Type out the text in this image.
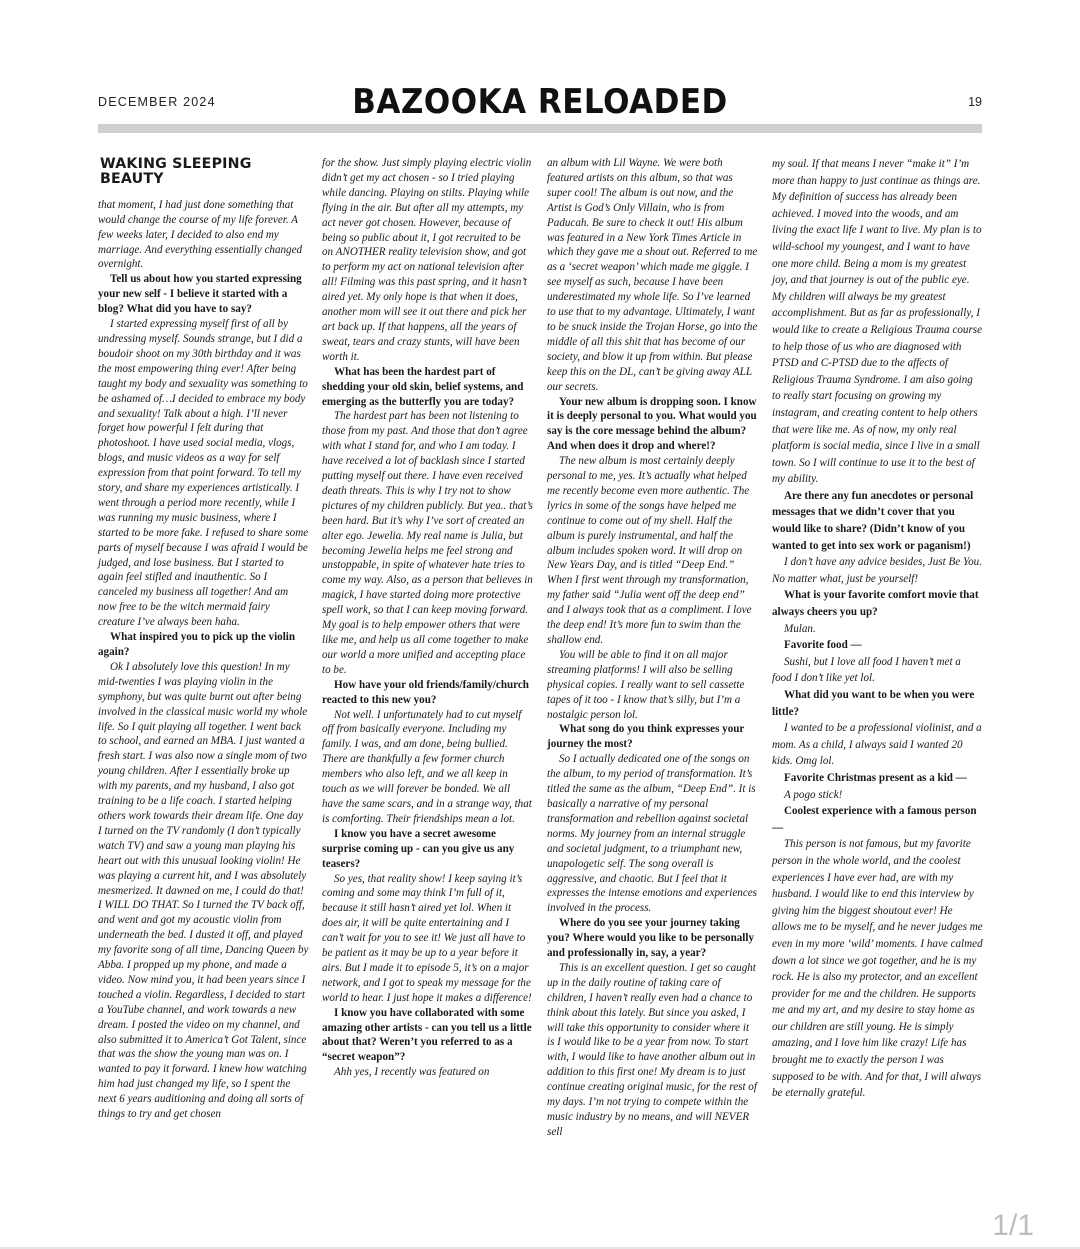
DECEMBER 2024	BAZOOKA RELOADED	19

WAKING SLEEPING BEAUTY

that moment, I had just done something that would change the course of my life forever. A few weeks later, I decided to also end my marriage. And everything essentially changed overnight.

Tell us about how you started expressing your new self - I believe it started with a blog? What did you have to say?

I started expressing myself first of all by undressing myself. Sounds strange, but I did a boudoir shoot on my 30th birthday and it was the most empowering thing ever! After being taught my body and sexuality was something to be ashamed of…I decided to embrace my body and sexuality! Talk about a high. I’ll never forget how powerful I felt during that photoshoot. I have used social media, vlogs, blogs, and music videos as a way for self expression from that point forward. To tell my story, and share my experiences artistically. I went through a period more recently, while I was running my music business, where I started to be more fake. I refused to share some parts of myself because I was afraid I would be judged, and lose business. But I started to again feel stifled and inauthentic. So I canceled my business all together! And am now free to be the witch mermaid fairy creature I’ve always been haha.

What inspired you to pick up the violin again?

Ok I absolutely love this question! In my mid-twenties I was playing violin in the symphony, but was quite burnt out after being involved in the classical music world my whole life. So I quit playing all together. I went back to school, and earned an MBA. I just wanted a fresh start. I was also now a single mom of two young children. After I essentially broke up with my parents, and my husband, I also got training to be a life coach. I started helping others work towards their dream life. One day I turned on the TV randomly (I don’t typically watch TV) and saw a young man playing his heart out with this unusual looking violin! He was playing a current hit, and I was absolutely mesmerized. It dawned on me, I could do that! I WILL DO THAT. So I turned the TV back off, and went and got my acoustic violin from underneath the bed. I dusted it off, and played my favorite song of all time, Dancing Queen by Abba. I propped up my phone, and made a video. Now mind you, it had been years since I touched a violin. Regardless, I decided to start a YouTube channel, and work towards a new dream. I posted the video on my channel, and also submitted it to America’t Got Talent, since that was the show the young man was on. I wanted to pay it forward. I knew how watching him had just changed my life, so I spent the next 6 years auditioning and doing all sorts of things to try and get chosen

for the show. Just simply playing electric violin didn’t get my act chosen - so I tried playing while dancing. Playing on stilts. Playing while flying in the air. But after all my attempts, my act never got chosen. However, because of being so public about it, I got recruited to be on ANOTHER reality television show, and got to perform my act on national television after all! Filming was this past spring, and it hasn’t aired yet. My only hope is that when it does, another mom will see it out there and pick her art back up. If that happens, all the years of sweat, tears and crazy stunts, will have been worth it.

What has been the hardest part of shedding your old skin, belief systems, and emerging as the butterfly you are today?

The hardest part has been not listening to those from my past. And those that don’t agree with what I stand for, and who I am today. I have received a lot of backlash since I started putting myself out there. I have even received death threats. This is why I try not to show pictures of my children publicly. But yea.. that’s been hard. But it’s why I’ve sort of created an alter ego. Jewelia. My real name is Julia, but becoming Jewelia helps me feel strong and unstoppable, in spite of whatever hate tries to come my way. Also, as a person that believes in magick, I have started doing more protective spell work, so that I can keep moving forward. My goal is to help empower others that were like me, and help us all come together to make our world a more unified and accepting place to be.

How have your old friends/family/church reacted to this new you?

Not well. I unfortunately had to cut myself off from basically everyone. Including my family. I was, and am done, being bullied. There are thankfully a few former church members who also left, and we all keep in touch as we will forever be bonded. We all have the same scars, and in a strange way, that is comforting. Their friendships mean a lot.

I know you have a secret awesome surprise coming up - can you give us any teasers?

So yes, that reality show! I keep saying it’s coming and some may think I’m full of it, because it still hasn’t aired yet lol. When it does air, it will be quite entertaining and I can’t wait for you to see it! We just all have to be patient as it may be up to a year before it airs. But I made it to episode 5, it’s on a major network, and I got to speak my message for the world to hear. I just hope it makes a difference!

I know you have collaborated with some amazing other artists - can you tell us a little about that? Weren’t you referred to as a “secret weapon”?

Ahh yes, I recently was featured on

an album with Lil Wayne. We were both featured artists on this album, so that was super cool! The album is out now, and the Artist is God’s Only Villain, who is from Paducah. Be sure to check it out! His album was featured in a New York Times Article in which they gave me a shout out. Referred to me as a ‘secret weapon’ which made me giggle. I see myself as such, because I have been underestimated my whole life. So I’ve learned to use that to my advantage. Ultimately, I want to be snuck inside the Trojan Horse, go into the middle of all this shit that has become of our society, and blow it up from within. But please keep this on the DL, can’t be giving away ALL our secrets.

Your new album is dropping soon. I know it is deeply personal to you. What would you say is the core message behind the album? And when does it drop and where!?

The new album is most certainly deeply personal to me, yes. It’s actually what helped me recently become even more authentic. The lyrics in some of the songs have helped me continue to come out of my shell. Half the album is purely instrumental, and half the album includes spoken word. It will drop on New Years Day, and is titled “Deep End.” When I first went through my transformation, my father said “Julia went off the deep end” and I always took that as a compliment. I love the deep end! It’s more fun to swim than the shallow end.

You will be able to find it on all major streaming platforms! I will also be selling physical copies. I really want to sell cassette tapes of it too - I know that’s silly, but I’m a nostalgic person lol.

What song do you think expresses your journey the most?

So I actually dedicated one of the songs on the album, to my period of transformation. It’s titled the same as the album, “Deep End”. It is basically a narrative of my personal transformation and rebellion against societal norms. My journey from an internal struggle and societal judgment, to a triumphant new, unapologetic self. The song overall is aggressive, and chaotic. But I feel that it expresses the intense emotions and experiences involved in the process.

Where do you see your journey taking you? Where would you like to be personally and professionally in, say, a year?

This is an excellent question. I get so caught up in the daily routine of taking care of children, I haven’t really even had a chance to think about this lately. But since you asked, I will take this opportunity to consider where it is I would like to be a year from now. To start with, I would like to have another album out in addition to this first one! My dream is to just continue creating original music, for the rest of my days. I’m not trying to compete within the music industry by no means, and will NEVER sell

my soul. If that means I never “make it” I’m more than happy to just continue as things are. My definition of success has already been achieved. I moved into the woods, and am living the exact life I want to live. My plan is to wild-school my youngest, and I want to have one more child. Being a mom is my greatest joy, and that journey is out of the public eye. My children will always be my greatest accomplishment. But as far as professionally, I would like to create a Religious Trauma course to help those of us who are diagnosed with PTSD and C-PTSD due to the affects of Religious Trauma Syndrome. I am also going to really start focusing on growing my instagram, and creating content to help others that were like me. As of now, my only real platform is social media, since I live in a small town. So I will continue to use it to the best of my ability.

Are there any fun anecdotes or personal messages that we didn’t cover that you would like to share? (Didn’t know of you wanted to get into sex work or paganism!)

I don’t have any advice besides, Just Be You. No matter what, just be yourself!

What is your favorite comfort movie that always cheers you up?

Mulan.

Favorite food —

Sushi, but I love all food I haven’t met a food I don’t like yet lol.

What did you want to be when you were little?

I wanted to be a professional violinist, and a mom. As a child, I always said I wanted 20 kids. Omg lol.

Favorite Christmas present as a kid —

A pogo stick!

Coolest experience with a famous person —

This person is not famous, but my favorite person in the whole world, and the coolest experiences I have ever had, are with my husband. I would like to end this interview by giving him the biggest shoutout ever! He allows me to be myself, and he never judges me even in my more ‘wild’ moments. I have calmed down a lot since we got together, and he is my rock. He is also my protector, and an excellent provider for me and the children. He supports me and my art, and my desire to stay home as our children are still young. He is simply amazing, and I love him like crazy! Life has brought me to exactly the person I was supposed to be with. And for that, I will always be eternally grateful.

1/1
